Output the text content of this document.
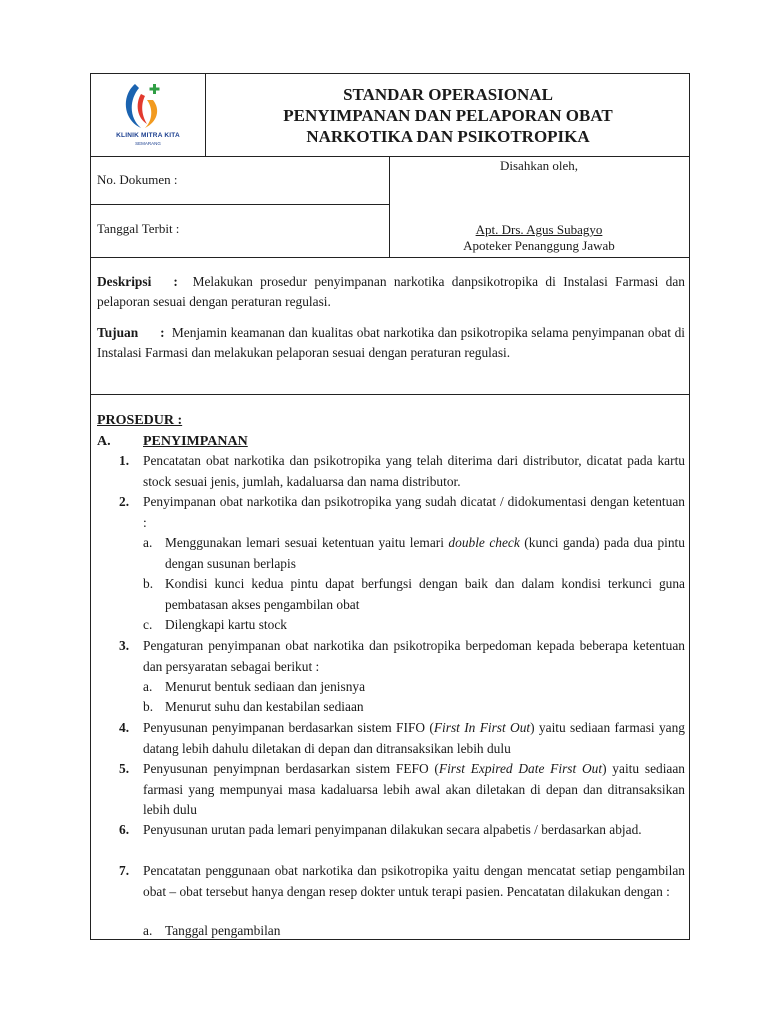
KLINIK MITRA KITA
SEMARANG
STANDAR OPERASIONAL
PENYIMPANAN DAN PELAPORAN OBAT
NARKOTIKA DAN PSIKOTROPIKA
No. Dokumen :
Tanggal Terbit :
Disahkan oleh,
Apt. Drs. Agus Subagyo
Apoteker Penanggung Jawab
Deskripsi : Melakukan prosedur penyimpanan narkotika danpsikotropika di Instalasi Farmasi dan pelaporan sesuai dengan peraturan regulasi.
Tujuan : Menjamin keamanan dan kualitas obat narkotika dan psikotropika selama penyimpanan obat di Instalasi Farmasi dan melakukan pelaporan sesuai dengan peraturan regulasi.
PROSEDUR :
A. PENYIMPANAN
1. Pencatatan obat narkotika dan psikotropika yang telah diterima dari distributor, dicatat pada kartu stock sesuai jenis, jumlah, kadaluarsa dan nama distributor.
2. Penyimpanan obat narkotika dan psikotropika yang sudah dicatat / didokumentasi dengan ketentuan :
a. Menggunakan lemari sesuai ketentuan yaitu lemari double check (kunci ganda) pada dua pintu dengan susunan berlapis
b. Kondisi kunci kedua pintu dapat berfungsi dengan baik dan dalam kondisi terkunci guna pembatasan akses pengambilan obat
c. Dilengkapi kartu stock
3. Pengaturan penyimpanan obat narkotika dan psikotropika berpedoman kepada beberapa ketentuan dan persyaratan sebagai berikut :
a. Menurut bentuk sediaan dan jenisnya
b. Menurut suhu dan kestabilan sediaan
4. Penyusunan penyimpanan berdasarkan sistem FIFO (First In First Out) yaitu sediaan farmasi yang datang lebih dahulu diletakan di depan dan ditransaksikan lebih dulu
5. Penyusunan penyimpnan berdasarkan sistem FEFO (First Expired Date First Out) yaitu sediaan farmasi yang mempunyai masa kadaluarsa lebih awal akan diletakan di depan dan ditransaksikan lebih dulu
6. Penyusunan urutan pada lemari penyimpanan dilakukan secara alpabetis / berdasarkan abjad.
7. Pencatatan penggunaan obat narkotika dan psikotropika yaitu dengan mencatat setiap pengambilan obat – obat tersebut hanya dengan resep dokter untuk terapi pasien. Pencatatan dilakukan dengan :
a. Tanggal pengambilan
